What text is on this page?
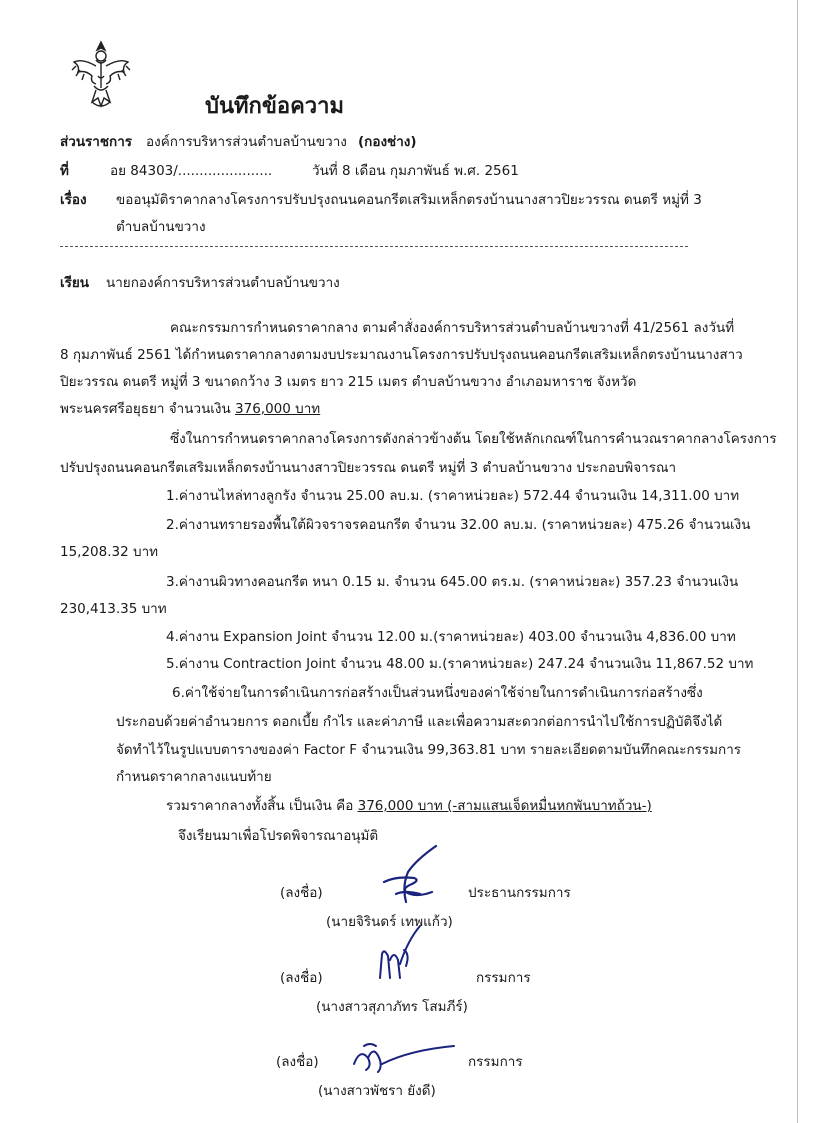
บันทึกข้อความ
ส่วนราชการ องค์การบริหารส่วนตำบลบ้านขวาง (กองช่าง)
ที่	อย 84303/......................	วันที่ 8 เดือน กุมภาพันธ์ พ.ศ. 2561
เรื่อง ขออนุมัติราคากลางโครงการปรับปรุงถนนคอนกรีตเสริมเหล็กตรงบ้านนางสาวปิยะวรรณ ดนตรี หมู่ที่ 3
ตำบลบ้านขวาง
เรียน นายกองค์การบริหารส่วนตำบลบ้านขวาง
คณะกรรมการกำหนดราคากลาง ตามคำสั่งองค์การบริหารส่วนตำบลบ้านขวางที่ 41/2561 ลงวันที่
8 กุมภาพันธ์ 2561 ได้กำหนดราคากลางตามงบประมาณงานโครงการปรับปรุงถนนคอนกรีตเสริมเหล็กตรงบ้านนางสาว
ปิยะวรรณ ดนตรี หมู่ที่ 3 ขนาดกว้าง 3 เมตร ยาว 215 เมตร ตำบลบ้านขวาง อำเภอมหาราช จังหวัด
พระนครศรีอยุธยา จำนวนเงิน 376,000 บาท
ซึ่งในการกำหนดราคากลางโครงการดังกล่าวข้างต้น โดยใช้หลักเกณฑ์ในการคำนวณราคากลางโครงการ
ปรับปรุงถนนคอนกรีตเสริมเหล็กตรงบ้านนางสาวปิยะวรรณ ดนตรี หมู่ที่ 3 ตำบลบ้านขวาง ประกอบพิจารณา
1.ค่างานไหล่ทางลูกรัง จำนวน 25.00 ลบ.ม. (ราคาหน่วยละ) 572.44 จำนวนเงิน 14,311.00 บาท
2.ค่างานทรายรองพื้นใต้ผิวจราจรคอนกรีต จำนวน 32.00 ลบ.ม. (ราคาหน่วยละ) 475.26 จำนวนเงิน
15,208.32 บาท
3.ค่างานผิวทางคอนกรีต หนา 0.15 ม. จำนวน 645.00 ตร.ม. (ราคาหน่วยละ) 357.23 จำนวนเงิน
230,413.35 บาท
4.ค่างาน Expansion Joint จำนวน 12.00 ม.(ราคาหน่วยละ) 403.00 จำนวนเงิน 4,836.00 บาท
5.ค่างาน Contraction Joint จำนวน 48.00 ม.(ราคาหน่วยละ) 247.24 จำนวนเงิน 11,867.52 บาท
6.ค่าใช้จ่ายในการดำเนินการก่อสร้างเป็นส่วนหนึ่งของค่าใช้จ่ายในการดำเนินการก่อสร้างซึ่ง
ประกอบด้วยค่าอำนวยการ ดอกเบี้ย กำไร และค่าภาษี และเพื่อความสะดวกต่อการนำไปใช้การปฏิบัติจึงได้
จัดทำไว้ในรูปแบบตารางของค่า Factor F จำนวนเงิน 99,363.81 บาท รายละเอียดตามบันทึกคณะกรรมการ
กำหนดราคากลางแนบท้าย
รวมราคากลางทั้งสิ้น เป็นเงิน คือ 376,000 บาท (-สามแสนเจ็ดหมื่นหกพันบาทถ้วน-)
จึงเรียนมาเพื่อโปรดพิจารณาอนุมัติ
(ลงชื่อ)	ประธานกรรมการ
(นายจิรินดร์ เทพแก้ว)
(ลงชื่อ)	กรรมการ
(นางสาวสุภาภัทร โสมภีร์)
(ลงชื่อ)	กรรมการ
(นางสาวพัชรา ยังดี)
